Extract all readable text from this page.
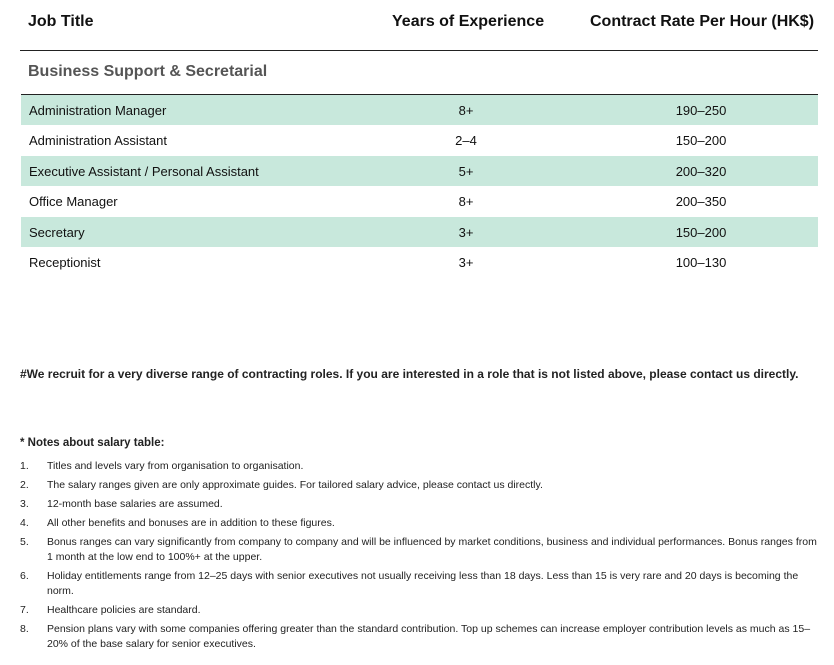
Job Title	Years of Experience	Contract Rate Per Hour (HK$)
Business Support & Secretarial
Administration Manager	8+	190–250
Administration Assistant	2–4	150–200
Executive Assistant / Personal Assistant	5+	200–320
Office Manager	8+	200–350
Secretary	3+	150–200
Receptionist	3+	100–130
#We recruit for a very diverse range of contracting roles. If you are interested in a role that is not listed above, please contact us directly.
* Notes about salary table:
1. Titles and levels vary from organisation to organisation.
2. The salary ranges given are only approximate guides. For tailored salary advice, please contact us directly.
3. 12-month base salaries are assumed.
4. All other benefits and bonuses are in addition to these figures.
5. Bonus ranges can vary significantly from company to company and will be influenced by market conditions, business and individual performances. Bonus ranges from 1 month at the low end to 100%+ at the upper.
6. Holiday entitlements range from 12–25 days with senior executives not usually receiving less than 18 days. Less than 15 is very rare and 20 days is becoming the norm.
7. Healthcare policies are standard.
8. Pension plans vary with some companies offering greater than the standard contribution. Top up schemes can increase employer contribution levels as much as 15–20% of the base salary for senior executives.
